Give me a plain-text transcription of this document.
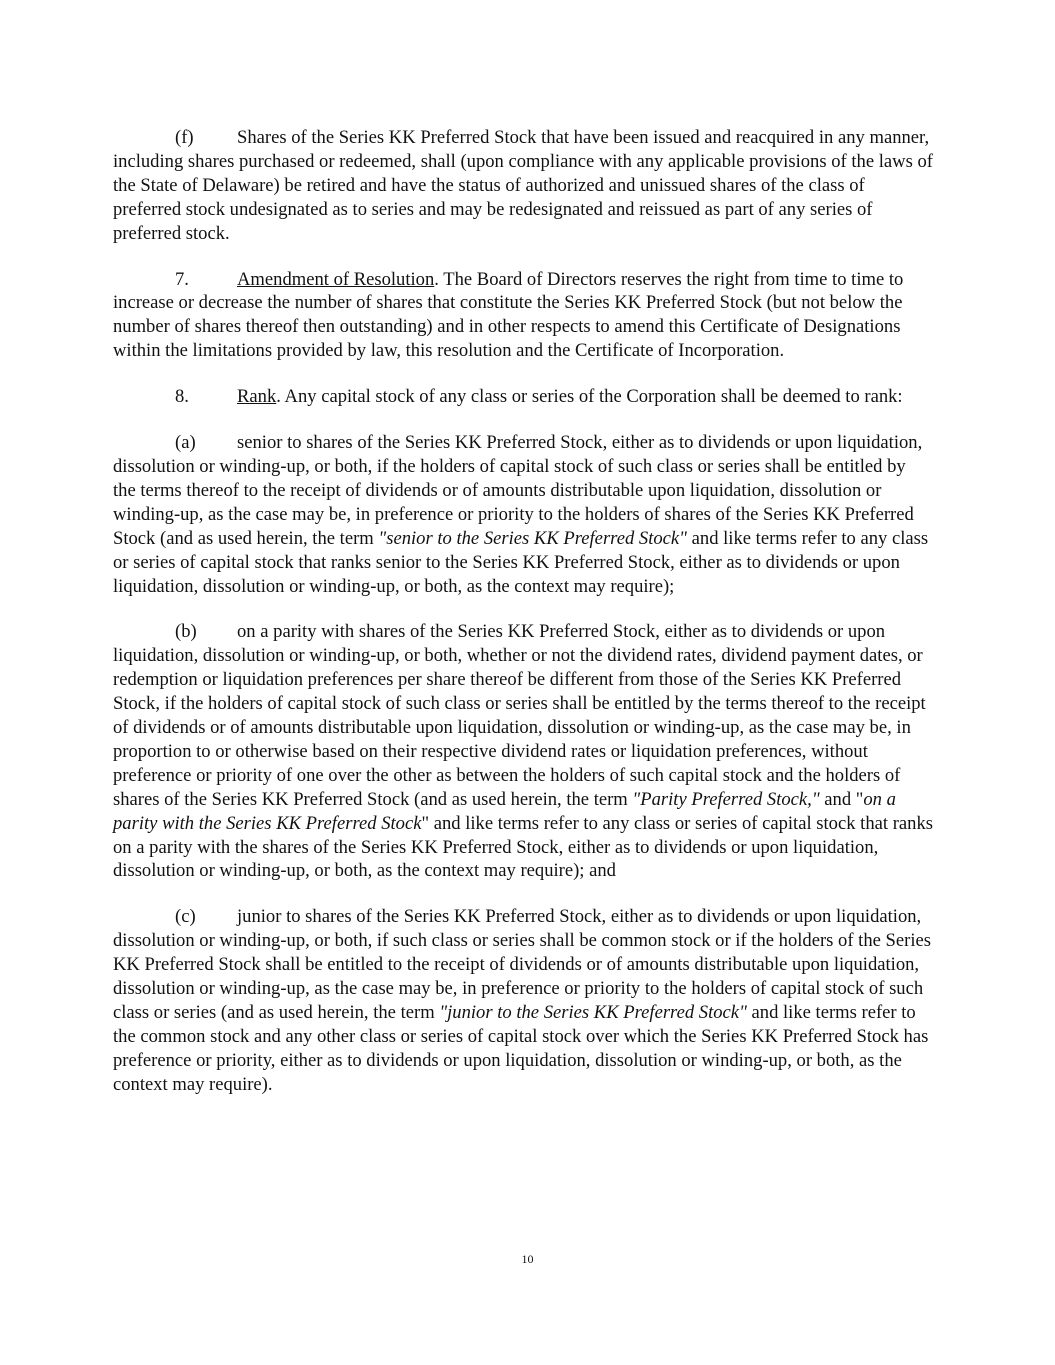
(f) Shares of the Series KK Preferred Stock that have been issued and reacquired in any manner, including shares purchased or redeemed, shall (upon compliance with any applicable provisions of the laws of the State of Delaware) be retired and have the status of authorized and unissued shares of the class of preferred stock undesignated as to series and may be redesignated and reissued as part of any series of preferred stock.

7.	Amendment of Resolution. The Board of Directors reserves the right from time to time to increase or decrease the number of shares that constitute the Series KK Preferred Stock (but not below the number of shares thereof then outstanding) and in other respects to amend this Certificate of Designations within the limitations provided by law, this resolution and the Certificate of Incorporation.

8.	Rank. Any capital stock of any class or series of the Corporation shall be deemed to rank:

(a) senior to shares of the Series KK Preferred Stock, either as to dividends or upon liquidation, dissolution or winding-up, or both, if the holders of capital stock of such class or series shall be entitled by the terms thereof to the receipt of dividends or of amounts distributable upon liquidation, dissolution or winding-up, as the case may be, in preference or priority to the holders of shares of the Series KK Preferred Stock (and as used herein, the term "senior to the Series KK Preferred Stock" and like terms refer to any class or series of capital stock that ranks senior to the Series KK Preferred Stock, either as to dividends or upon liquidation, dissolution or winding-up, or both, as the context may require);

(b) on a parity with shares of the Series KK Preferred Stock, either as to dividends or upon liquidation, dissolution or winding-up, or both, whether or not the dividend rates, dividend payment dates, or redemption or liquidation preferences per share thereof be different from those of the Series KK Preferred Stock, if the holders of capital stock of such class or series shall be entitled by the terms thereof to the receipt of dividends or of amounts distributable upon liquidation, dissolution or winding-up, as the case may be, in proportion to or otherwise based on their respective dividend rates or liquidation preferences, without preference or priority of one over the other as between the holders of such capital stock and the holders of shares of the Series KK Preferred Stock (and as used herein, the term "Parity Preferred Stock," and "on a parity with the Series KK Preferred Stock" and like terms refer to any class or series of capital stock that ranks on a parity with the shares of the Series KK Preferred Stock, either as to dividends or upon liquidation, dissolution or winding-up, or both, as the context may require); and

(c) junior to shares of the Series KK Preferred Stock, either as to dividends or upon liquidation, dissolution or winding-up, or both, if such class or series shall be common stock or if the holders of the Series KK Preferred Stock shall be entitled to the receipt of dividends or of amounts distributable upon liquidation, dissolution or winding-up, as the case may be, in preference or priority to the holders of capital stock of such class or series (and as used herein, the term "junior to the Series KK Preferred Stock" and like terms refer to the common stock and any other class or series of capital stock over which the Series KK Preferred Stock has preference or priority, either as to dividends or upon liquidation, dissolution or winding-up, or both, as the context may require).

10
